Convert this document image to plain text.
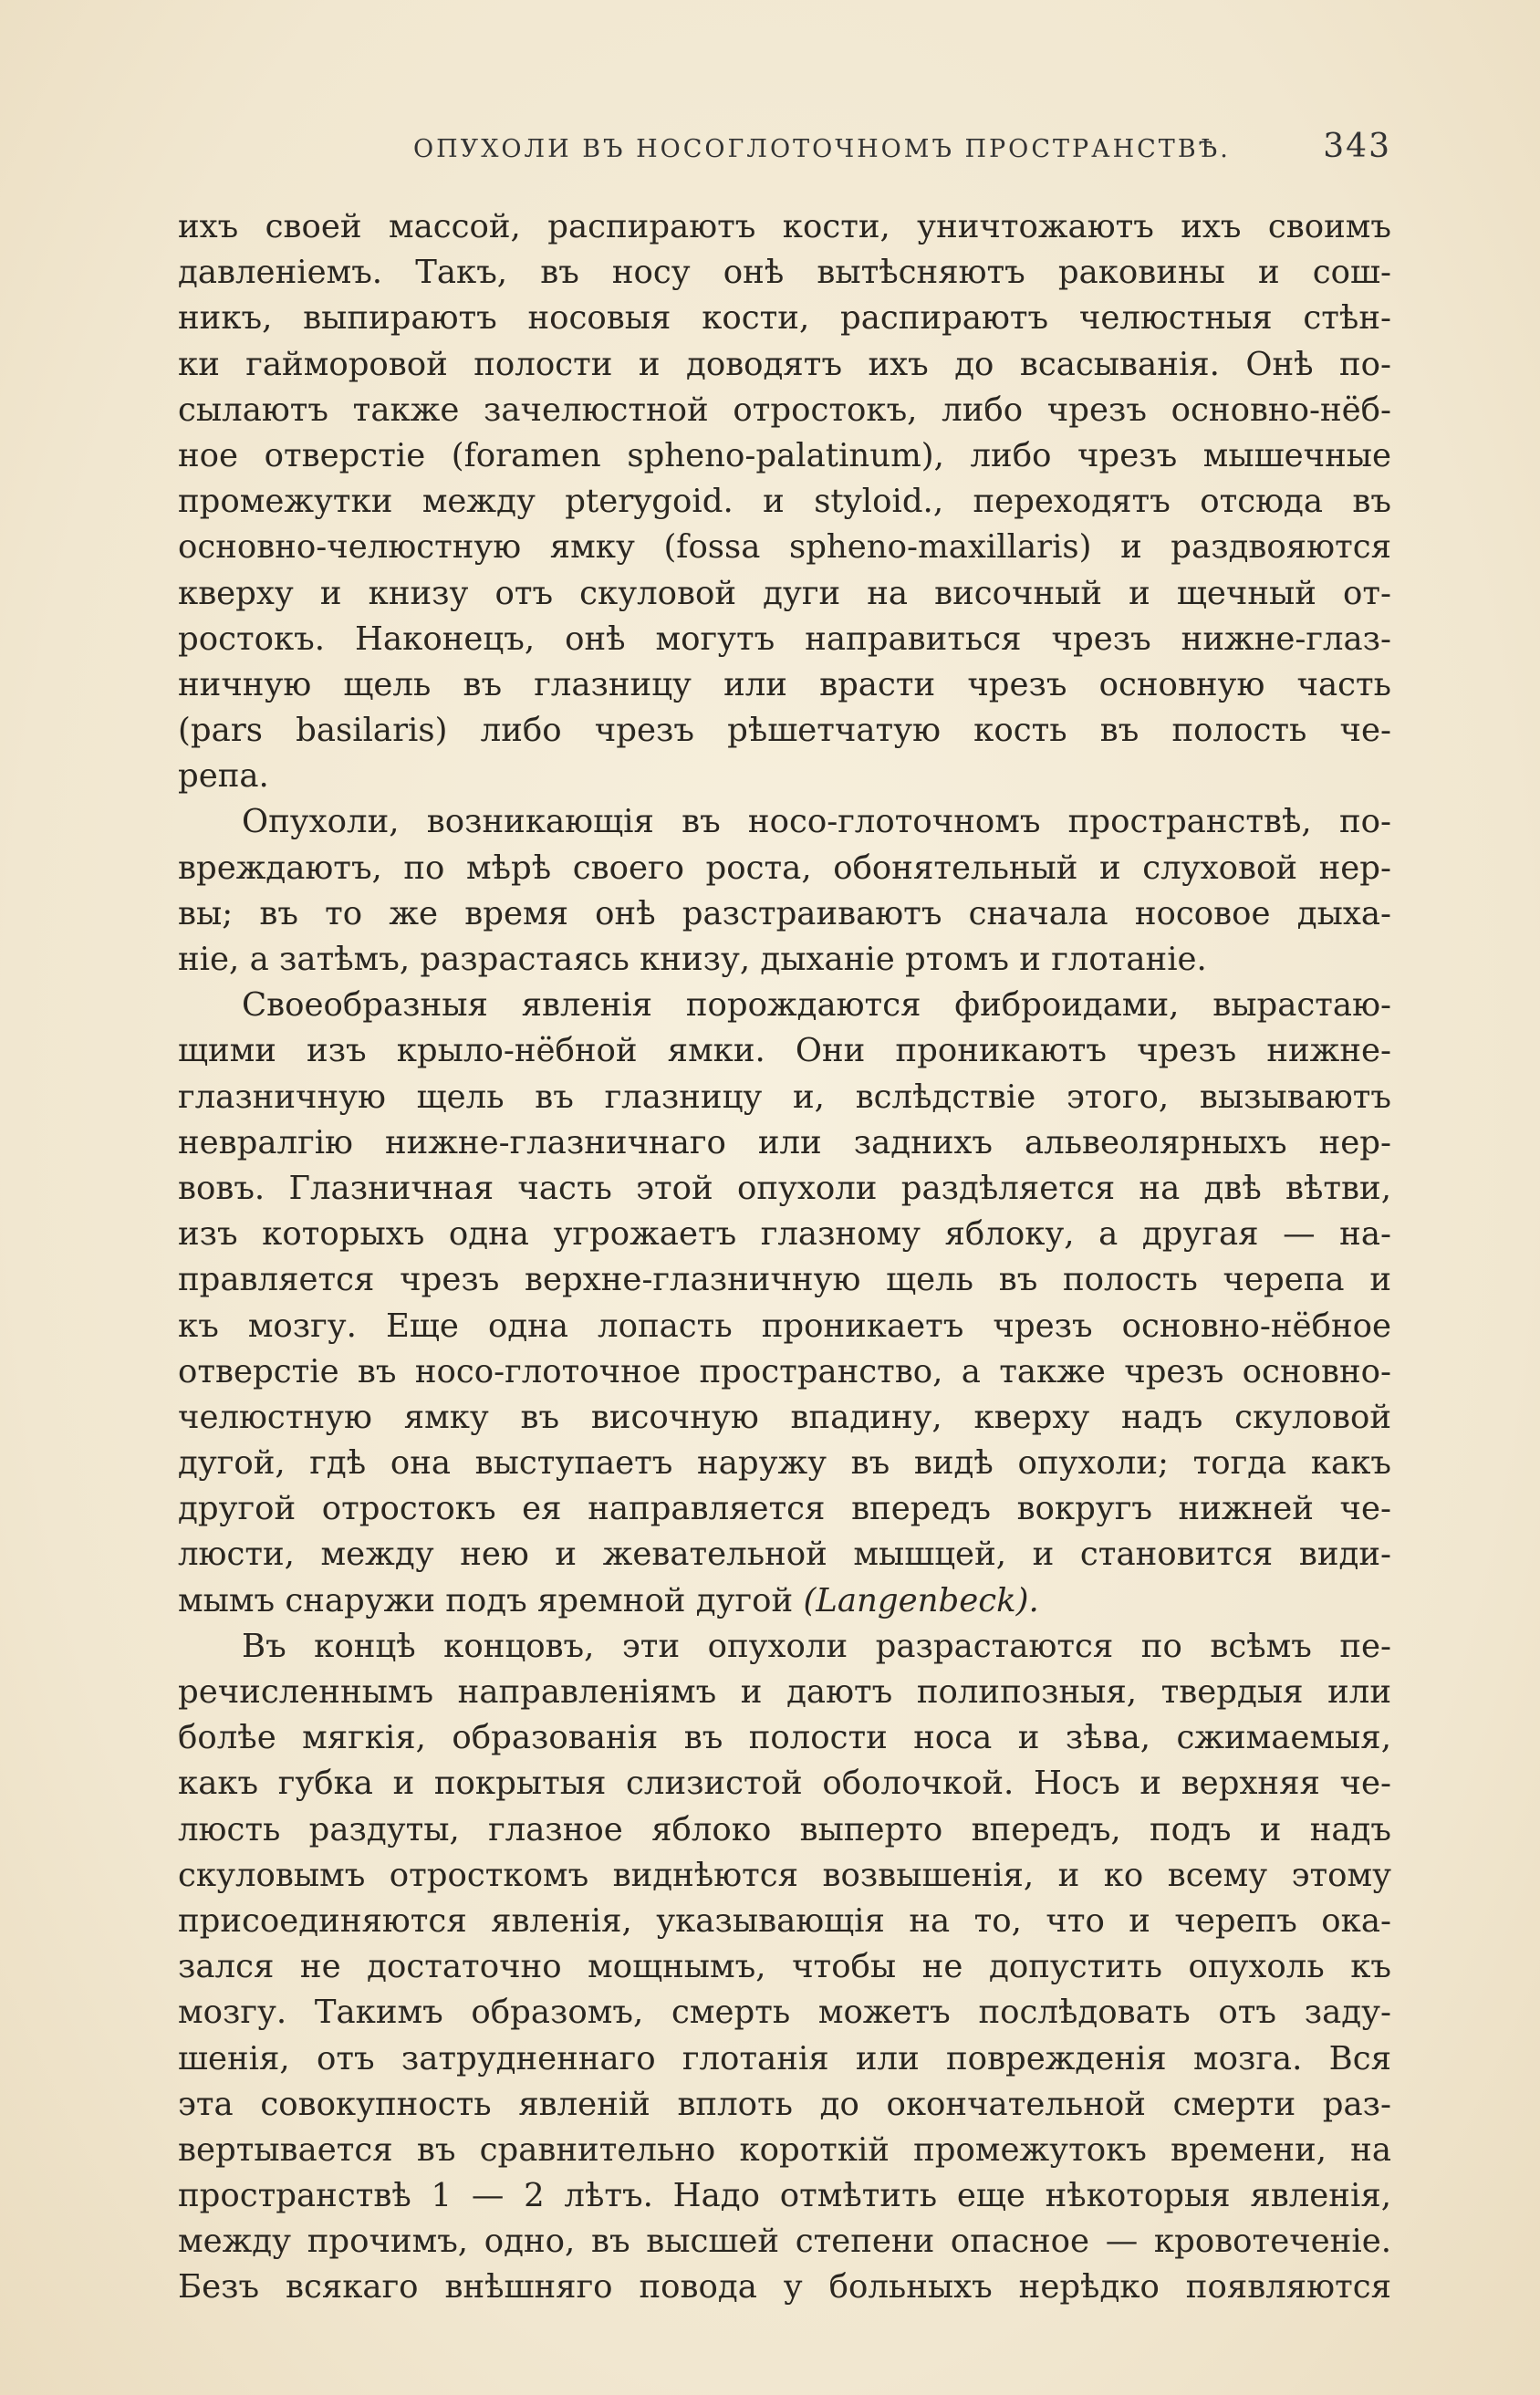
ОПУХОЛИ ВЪ НОСОГЛОТОЧНОМЪ ПРОСТРАНСТВѢ.	343
ихъ своей массой, распираютъ кости, уничтожаютъ ихъ своимъ
давленіемъ. Такъ, въ носу онѣ вытѣсняютъ раковины и сош-
никъ, выпираютъ носовыя кости, распираютъ челюстныя стѣн-
ки гайморовой полости и доводятъ ихъ до всасыванія. Онѣ по-
сылаютъ также зачелюстной отростокъ, либо чрезъ основно-нёб-
ное отверстіе (foramen spheno-palatinum), либо чрезъ мышечные
промежутки между pterygoid. и styloid., переходятъ отсюда въ
основно-челюстную ямку (fossa spheno-maxillaris) и раздвояются
кверху и книзу отъ скуловой дуги на височный и щечный от-
ростокъ. Наконецъ, онѣ могутъ направиться чрезъ нижне-глаз-
ничную щель въ глазницу или врасти чрезъ основную часть
(pars basilaris) либо чрезъ рѣшетчатую кость въ полость че-
репа.
Опухоли, возникающія въ носо-глоточномъ пространствѣ, по-
вреждаютъ, по мѣрѣ своего роста, обонятельный и слуховой нер-
вы; въ то же время онѣ разстраиваютъ сначала носовое дыха-
ніе, а затѣмъ, разрастаясь книзу, дыханіе ртомъ и глотаніе.
Своеобразныя явленія порождаются фиброидами, вырастаю-
щими изъ крыло-нёбной ямки. Они проникаютъ чрезъ нижне-
глазничную щель въ глазницу и, вслѣдствіе этого, вызываютъ
невралгію нижне-глазничнаго или заднихъ альвеолярныхъ нер-
вовъ. Глазничная часть этой опухоли раздѣляется на двѣ вѣтви,
изъ которыхъ одна угрожаетъ глазному яблоку, а другая — на-
правляется чрезъ верхне-глазничную щель въ полость черепа и
къ мозгу. Еще одна лопасть проникаетъ чрезъ основно-нёбное
отверстіе въ носо-глоточное пространство, а также чрезъ основно-
челюстную ямку въ височную впадину, кверху надъ скуловой
дугой, гдѣ она выступаетъ наружу въ видѣ опухоли; тогда какъ
другой отростокъ ея направляется впередъ вокругъ нижней че-
люсти, между нею и жевательной мышцей, и становится види-
мымъ снаружи подъ яремной дугой (Langenbeck).
Въ концѣ концовъ, эти опухоли разрастаются по всѣмъ пе-
речисленнымъ направленіямъ и даютъ полипозныя, твердыя или
болѣе мягкія, образованія въ полости носа и зѣва, сжимаемыя,
какъ губка и покрытыя слизистой оболочкой. Носъ и верхняя че-
люсть раздуты, глазное яблоко выперто впередъ, подъ и надъ
скуловымъ отросткомъ виднѣются возвышенія, и ко всему этому
присоединяются явленія, указывающія на то, что и черепъ ока-
зался не достаточно мощнымъ, чтобы не допустить опухоль къ
мозгу. Такимъ образомъ, смерть можетъ послѣдовать отъ заду-
шенія, отъ затрудненнаго глотанія или поврежденія мозга. Вся
эта совокупность явленій вплоть до окончательной смерти раз-
вертывается въ сравнительно короткій промежутокъ времени, на
пространствѣ 1 — 2 лѣтъ. Надо отмѣтить еще нѣкоторыя явленія,
между прочимъ, одно, въ высшей степени опасное — кровотеченіе.
Безъ всякаго внѣшняго повода у больныхъ нерѣдко появляются
